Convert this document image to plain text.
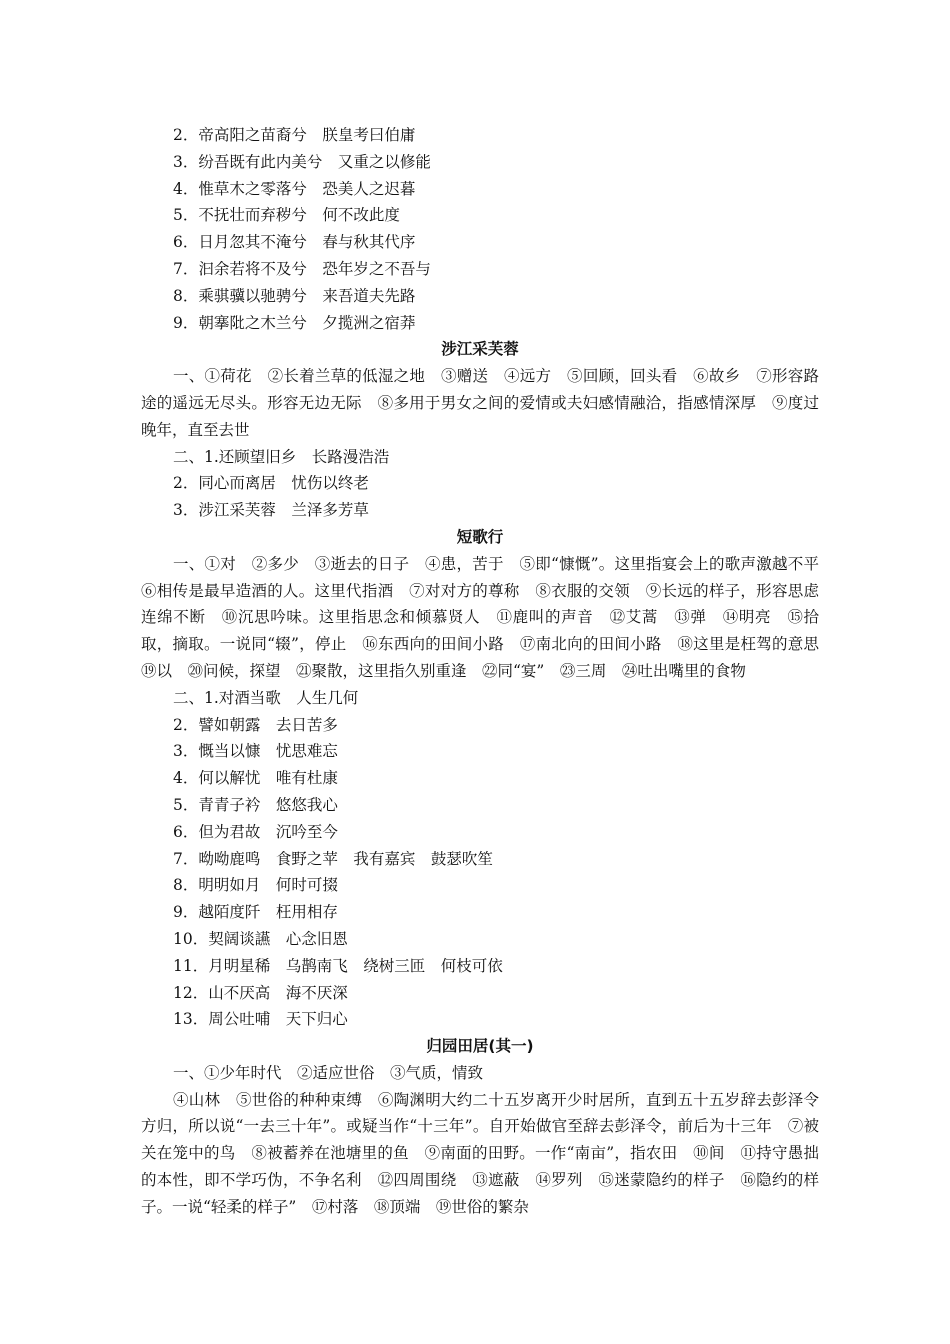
2．帝高阳之苗裔兮　朕皇考曰伯庸
3．纷吾既有此内美兮　又重之以修能
4．惟草木之零落兮　恐美人之迟暮
5．不抚壮而弃秽兮　何不改此度
6．日月忽其不淹兮　春与秋其代序
7．汩余若将不及兮　恐年岁之不吾与
8．乘骐骥以驰骋兮　来吾道夫先路
9．朝搴阰之木兰兮　夕揽洲之宿莽
涉江采芙蓉
一、①荷花　②长着兰草的低湿之地　③赠送　④远方　⑤回顾，回头看　⑥故乡　⑦形容路途的遥远无尽头。形容无边无际　⑧多用于男女之间的爱情或夫妇感情融洽，指感情深厚　⑨度过晚年，直至去世
二、1.还顾望旧乡　长路漫浩浩
2．同心而离居　忧伤以终老
3．涉江采芙蓉　兰泽多芳草
短歌行
一、①对　②多少　③逝去的日子　④患，苦于　⑤即“慷慨”。这里指宴会上的歌声激越不平　⑥相传是最早造酒的人。这里代指酒　⑦对对方的尊称　⑧衣服的交领　⑨长远的样子，形容思虑连绵不断　⑩沉思吟味。这里指思念和倾慕贤人　⑪鹿叫的声音　⑫艾蒿　⑬弹　⑭明亮　⑮拾取，摘取。一说同“辍”，停止　⑯东西向的田间小路　⑰南北向的田间小路　⑱这里是枉驾的意思　⑲以　⑳问候，探望　㉑聚散，这里指久别重逢　㉒同“宴”　㉓三周　㉔吐出嘴里的食物
二、1.对酒当歌　人生几何
2．譬如朝露　去日苦多
3．慨当以慷　忧思难忘
4．何以解忧　唯有杜康
5．青青子衿　悠悠我心
6．但为君故　沉吟至今
7．呦呦鹿鸣　食野之苹　我有嘉宾　鼓瑟吹笙
8．明明如月　何时可掇
9．越陌度阡　枉用相存
10．契阔谈讌　心念旧恩
11．月明星稀　乌鹊南飞　绕树三匝　何枝可依
12．山不厌高　海不厌深
13．周公吐哺　天下归心
归园田居(其一)
一、①少年时代　②适应世俗　③气质，情致
④山林　⑤世俗的种种束缚　⑥陶渊明大约二十五岁离开少时居所，直到五十五岁辞去彭泽令方归，所以说“一去三十年”。或疑当作“十三年”。自开始做官至辞去彭泽令，前后为十三年　⑦被关在笼中的鸟　⑧被蓄养在池塘里的鱼　⑨南面的田野。一作“南亩”，指农田　⑩间　⑪持守愚拙的本性，即不学巧伪，不争名利　⑫四周围绕　⑬遮蔽　⑭罗列　⑮迷蒙隐约的样子　⑯隐约的样子。一说“轻柔的样子”　⑰村落　⑱顶端　⑲世俗的繁杂
